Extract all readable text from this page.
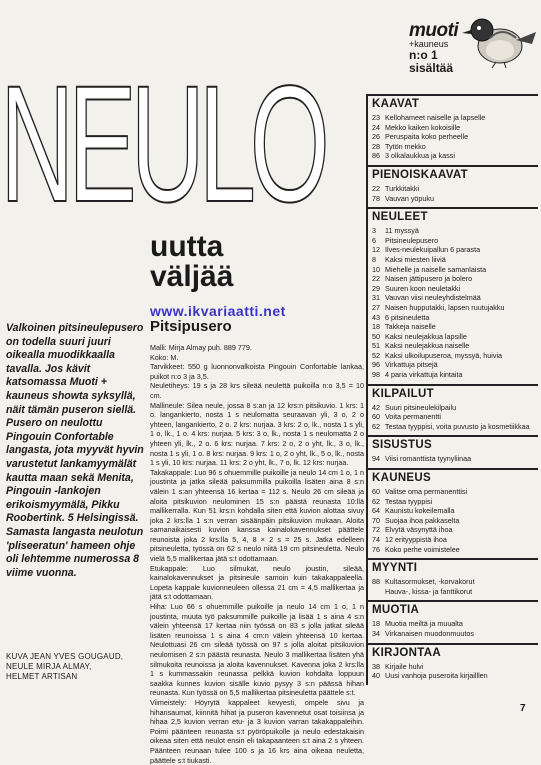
muoti
+kauneus
n:o 1
sisältää
NEULO
uutta
väljää
www.ikvariaatti.net
Valkoinen pitsineulepusero on todella suuri juuri oikealla muodikkaalla tavalla. Jos kävit katsomassa Muoti + kauneus showta syksyllä, näit tämän puseron siellä. Pusero on neulottu Pingouin Confortable langasta, jota myyvät hyvin varustetut lankamyymälät kautta maan sekä Menita, Pingouin -lankojen erikoismyymälä, Pikku Roobertink. 5 Helsingissä. Samasta langasta neulotun 'pliseeratun' hameen ohje oli lehtemme numerossa 8 viime vuonna.
KUVA JEAN YVES GOUGAUD,
NEULE MIRJA ALMAY,
HELMET ARTISAN
Pitsipusero

Malli: Mirja Almay puh. 889 779.

Koko: M.

Tarvikkeet: 550 g luonnonvalkoista Pingouin Confortable lankaa, puikot n:o 3 ja 3,5.

Neuletiheys: 19 s ja 28 krs sileää neulettä puikoilla n:o 3,5 = 10 cm.

Mallineule: Silea neule, jossa 8 s:an ja 12 krs:n pitsikuvio. 1 krs: 1 o. langankierto, nosta 1 s neulomatta seuraavan yli, 3 o, 2 o yhteen, langankierto, 2 o. 2 krs: nurjaa. 3 krs: 2 o, lk., nosta 1 s yli, 1 o, lk., 1 o. 4 krs: nurjaa. 5 krs: 3 o, lk., nosta 1 s neulomatta 2 o yhteen yli, lk., 2 o. 6 krs: nurjaa. 7 krs: 2 o, 2 o yht, lk., 3 o, lk., nosta 1 s yli, 1 o. 8 krs: nurjaa. 9 krs: 1 o, 2 o yht, lk., 5 o, lk., nosta 1 s yli, 10 krs: nurjaa. 11 krs: 2 o yht, lk., 7 o, lk. 12 krs: nurjaa.

Takakappale: Luo 96 s ohuemmille puikoille ja neulo 14 cm 1 o, 1 n joustinta ja jatka sileää paksummilla puikoilla lisäten aina 8 s:n välein 1 s:an yhteensä 16 kertaa = 112 s. Neulo 26 cm sileää ja aloita pitsikuvion neulominen 15 s:n päästä reunasta 10:llä mallikerralla. Kun 51 krs:n kohdalla siten että kuvion alottaa sivuy joka 2 krs:lla 1 s:n verran sisäänpäin pitsikuvion mukaan. Aloita samanaikaisesti kuvion kanssa kainalokavennukset päättele reunoista joka 2 krs:lla 5, 4, 8 × 2 s = 25 s. Jatka edelleen pitsineuletta, työssä on 62 s neulo niitä 19 cm pitsineuletta. Neulo vielä 5,5 mallikertaa jätä s:t odottamaan.

Etukappale: Luo silmukat, neulo joustin, sileää, kainalokavennukset ja pitsineule samoin kuin takakappaleella. Lopeta kappale kuvionneuleen ollessa 21 cm = 4,5 mallikertaa ja jätä s:t odottamaan.

Hiha: Luo 66 s ohuemmille puikoille ja neulo 14 cm 1 o, 1 n joustinta, muuta työ paksummille puikoille ja lisää 1 s aina 4 s:n välein yhteensä 17 kertaa niin työssä on 83 s jolla jatkat sileää lisäten reunoissa 1 s aina 4 cm:n välein yhteensä 10 kertaa. Neulottuasi 26 cm sileää työssä on 97 s jolla aloitat pitsikuvion neulomisen 2 s:n päästä reunasta. Neulo 3 mallikertaa lisäten yhä silmukoita reunoissa ja aloita kavennukset. Kavenna joka 2 krs:lla 1 s kummassakin reunassa pelkkä kuvion kohdalta loppuun saakka kunnes kuvion sisälle kuvio pysyy 3 s:n päässä hihan reunasta. Kun työssä on 5,5 mallikertaa pitsineuletta päättele s:t.

Viimeistely: Höyrytä kappaleet kevyesti, ompele sivu ja hihansaumat, kiinnitä hihat ja puseron kavennetut osat toisiinsa ja hihaa 2,5 kuvion verran etu- ja 3 kuvion varran takakappaleihin. Poimi päänteen reunasta s:t pyöröpuikolle ja neulo edestakaisin oikeaa siten että neulot ensin eli takapaanteen s:t aina 2 s yhteen. Päänteen reunaan tulee 100 s ja 16 krs aina oikeaa neuletta, päättele s:t tiukasti.

KAAVAT
23 Kellohameet naiselle ja lapselle
24 Mekko kaiken kokoisille
26 Peruspaita koko perheelle
28 Tytön mekko
86 3 olkalaukkua ja kassi
PIENOISKAAVAT
22 Turkkitakki
78 Vauvan yöpuku
NEULEET
3 11 myssyä
6 Pitsineulepusero
12 Ilves-neulekuipallun 6 parasta
8 Kaksi miesten liiviä
10 Miehelle ja naiselle samanlaista
22 Naisen jättipusero ja bolero
29 Suuren koon neuletakki
31 Vauvan viisi neuleyhdistelmää
27 Naisen hupputakki, lapsen ruutujakku
43 6 pitsineuletta
18 Takkeja naiselle
50 Kaksi neulejakkua lapsille
51 Kaksi neulejakkua naiselle
52 Kaksi ulkoilupuseroa, myssyä, huivia
96 Virkattuja pitsejä
98 4 paria virkattuja kintaita
KILPAILUT
42 Suuri pitsineulekilpailu
60 Voita permanentti
62 Testaa tyyppisi, voita puvusto ja kosmetiikkaa
SISUSTUS
94 Viisi romanttista tyynyliinaa
KAUNEUS
60 Valitse oma permanenttisi
62 Testaa tyyppisi
64 Kaunistu kokeilemalla
70 Suojaa ihoa pakkaselta
72 Elvytä väsynyttä ihoa
74 12 erityyppistä ihoa
76 Koko perhe voimistelee
MYYNTI
88 Kultasormukset, -korvakorut
Hauva-, kissa- ja fanttikorut
MUOTIA
18 Muotia meiltä ja muualta
34 Virkanaisen muodonmuutos
KIRJONTAA
38 Kirjaile hulvi
40 Uusi vanhoja puseroita kirjailllen
7
